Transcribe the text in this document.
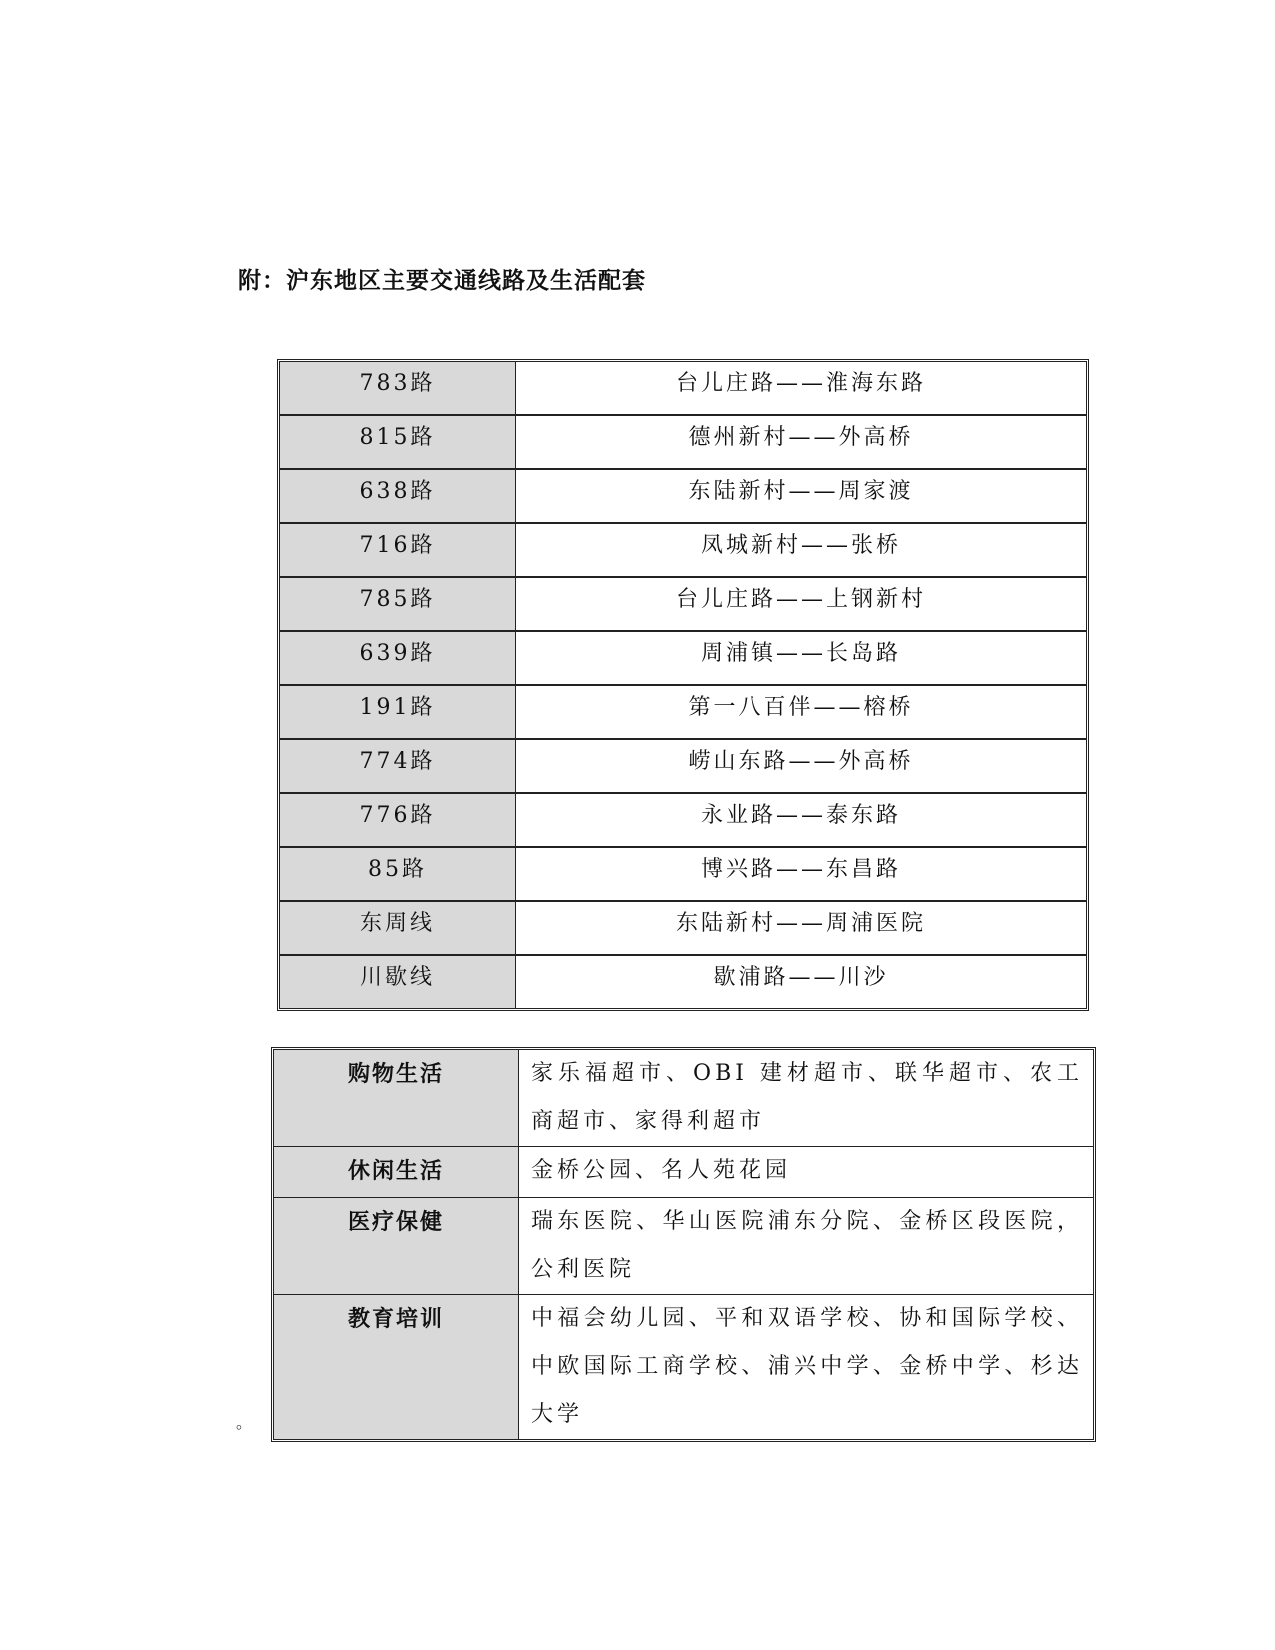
附：沪东地区主要交通线路及生活配套
783路	台儿庄路——淮海东路
815路	德州新村——外高桥
638路	东陆新村——周家渡
716路	凤城新村——张桥
785路	台儿庄路——上钢新村
639路	周浦镇——长岛路
191路	第一八百伴——榕桥
774路	崂山东路——外高桥
776路	永业路——泰东路
85路	博兴路——东昌路
东周线	东陆新村——周浦医院
川歇线	歇浦路——川沙
购物生活	家乐福超市、OBI 建材超市、联华超市、农工商超市、家得利超市
休闲生活	金桥公园、名人苑花园
医疗保健	瑞东医院、华山医院浦东分院、金桥区段医院，公利医院
教育培训	中福会幼儿园、平和双语学校、协和国际学校、中欧国际工商学校、浦兴中学、金桥中学、杉达大学
。
